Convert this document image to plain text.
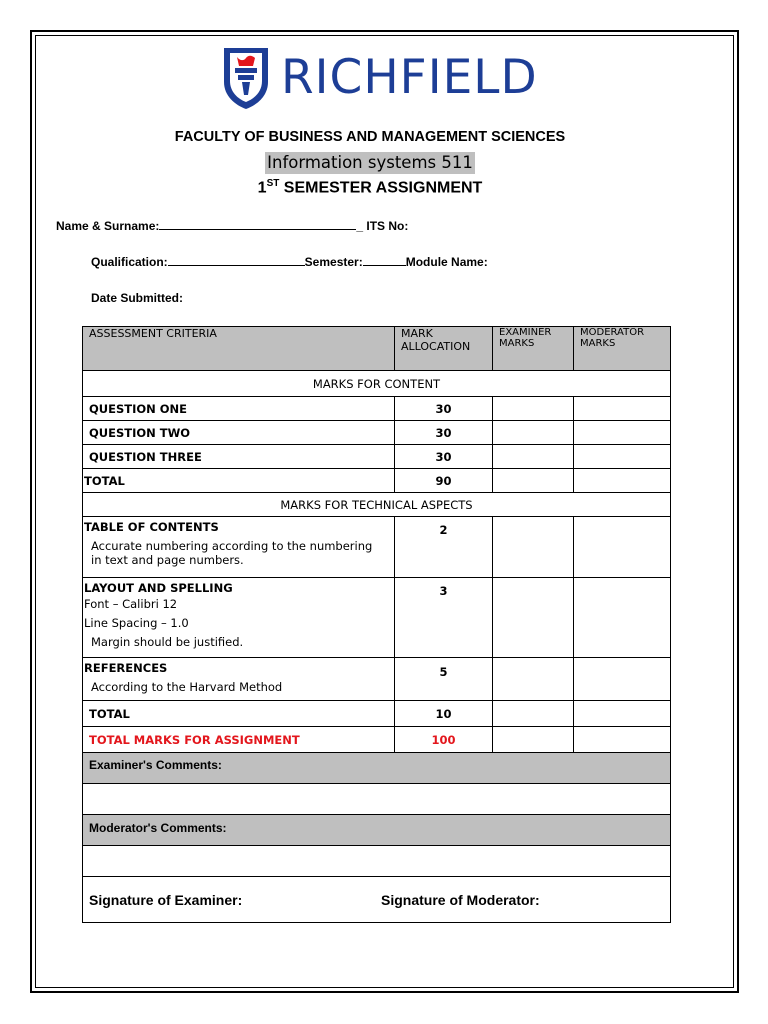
RICHFIELD
FACULTY OF BUSINESS AND MANAGEMENT SCIENCES
Information systems 511
1ST SEMESTER ASSIGNMENT
Name & Surname:	_ ITS No:
Qualification:	Semester:	Module Name:
Date Submitted:
ASSESSMENT CRITERIA	MARK ALLOCATION	EXAMINER MARKS	MODERATOR MARKS
MARKS FOR CONTENT			
QUESTION ONE	30		
QUESTION TWO	30		
QUESTION THREE	30		
TOTAL	90		
MARKS FOR TECHNICAL ASPECTS			
TABLE OF CONTENTS
Accurate numbering according to the numbering
in text and page numbers.	2		

LAYOUT AND SPELLING
Font – Calibri 12
Line Spacing – 1.0
Margin should be justified.	3		
REFERENCES
According to the Harvard Method	5		
TOTAL	10		
TOTAL MARKS FOR ASSIGNMENT	100		
Examiner's Comments:			

Moderator's Comments:			

Signature of Examiner: Signature of Moderator:			
